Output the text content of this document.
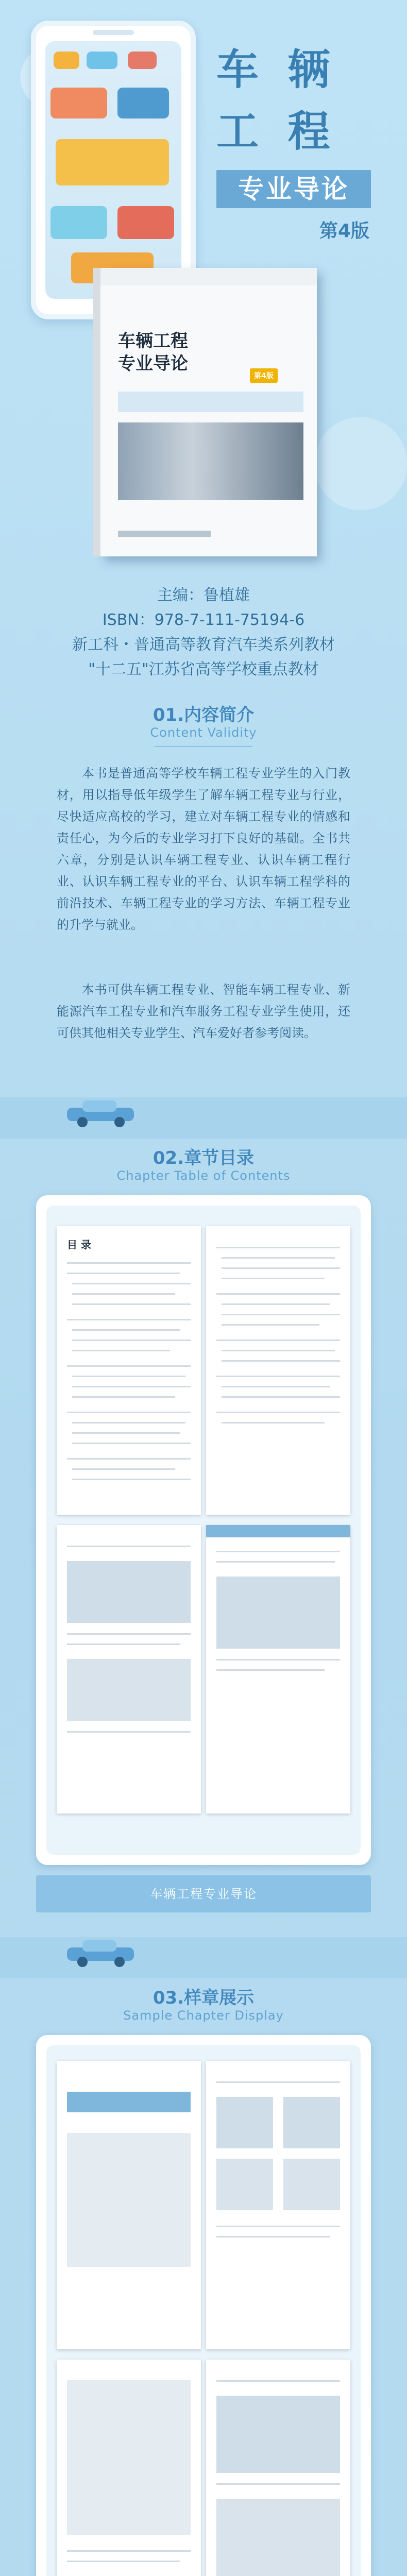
车 辆
工 程
专业导论
第4版
车辆工程
专业导论
第4版
主编：鲁植雄
ISBN：978-7-111-75194-6
新工科・普通高等教育汽车类系列教材
"十二五"江苏省高等学校重点教材
01.内容简介
Content Validity
本书是普通高等学校车辆工程专业学生的入门教材，用以指导低年级学生了解车辆工程专业与行业，尽快适应高校的学习，建立对车辆工程专业的情感和责任心，为今后的专业学习打下良好的基础。全书共六章，分别是认识车辆工程专业、认识车辆工程行业、认识车辆工程专业的平台、认识车辆工程学科的前沿技术、车辆工程专业的学习方法、车辆工程专业的升学与就业。
本书可供车辆工程专业、智能车辆工程专业、新能源汽车工程专业和汽车服务工程专业学生使用，还可供其他相关专业学生、汽车爱好者参考阅读。
02.章节目录
Chapter Table of Contents
目 录
车辆工程专业导论
03.样章展示
Sample Chapter Display
